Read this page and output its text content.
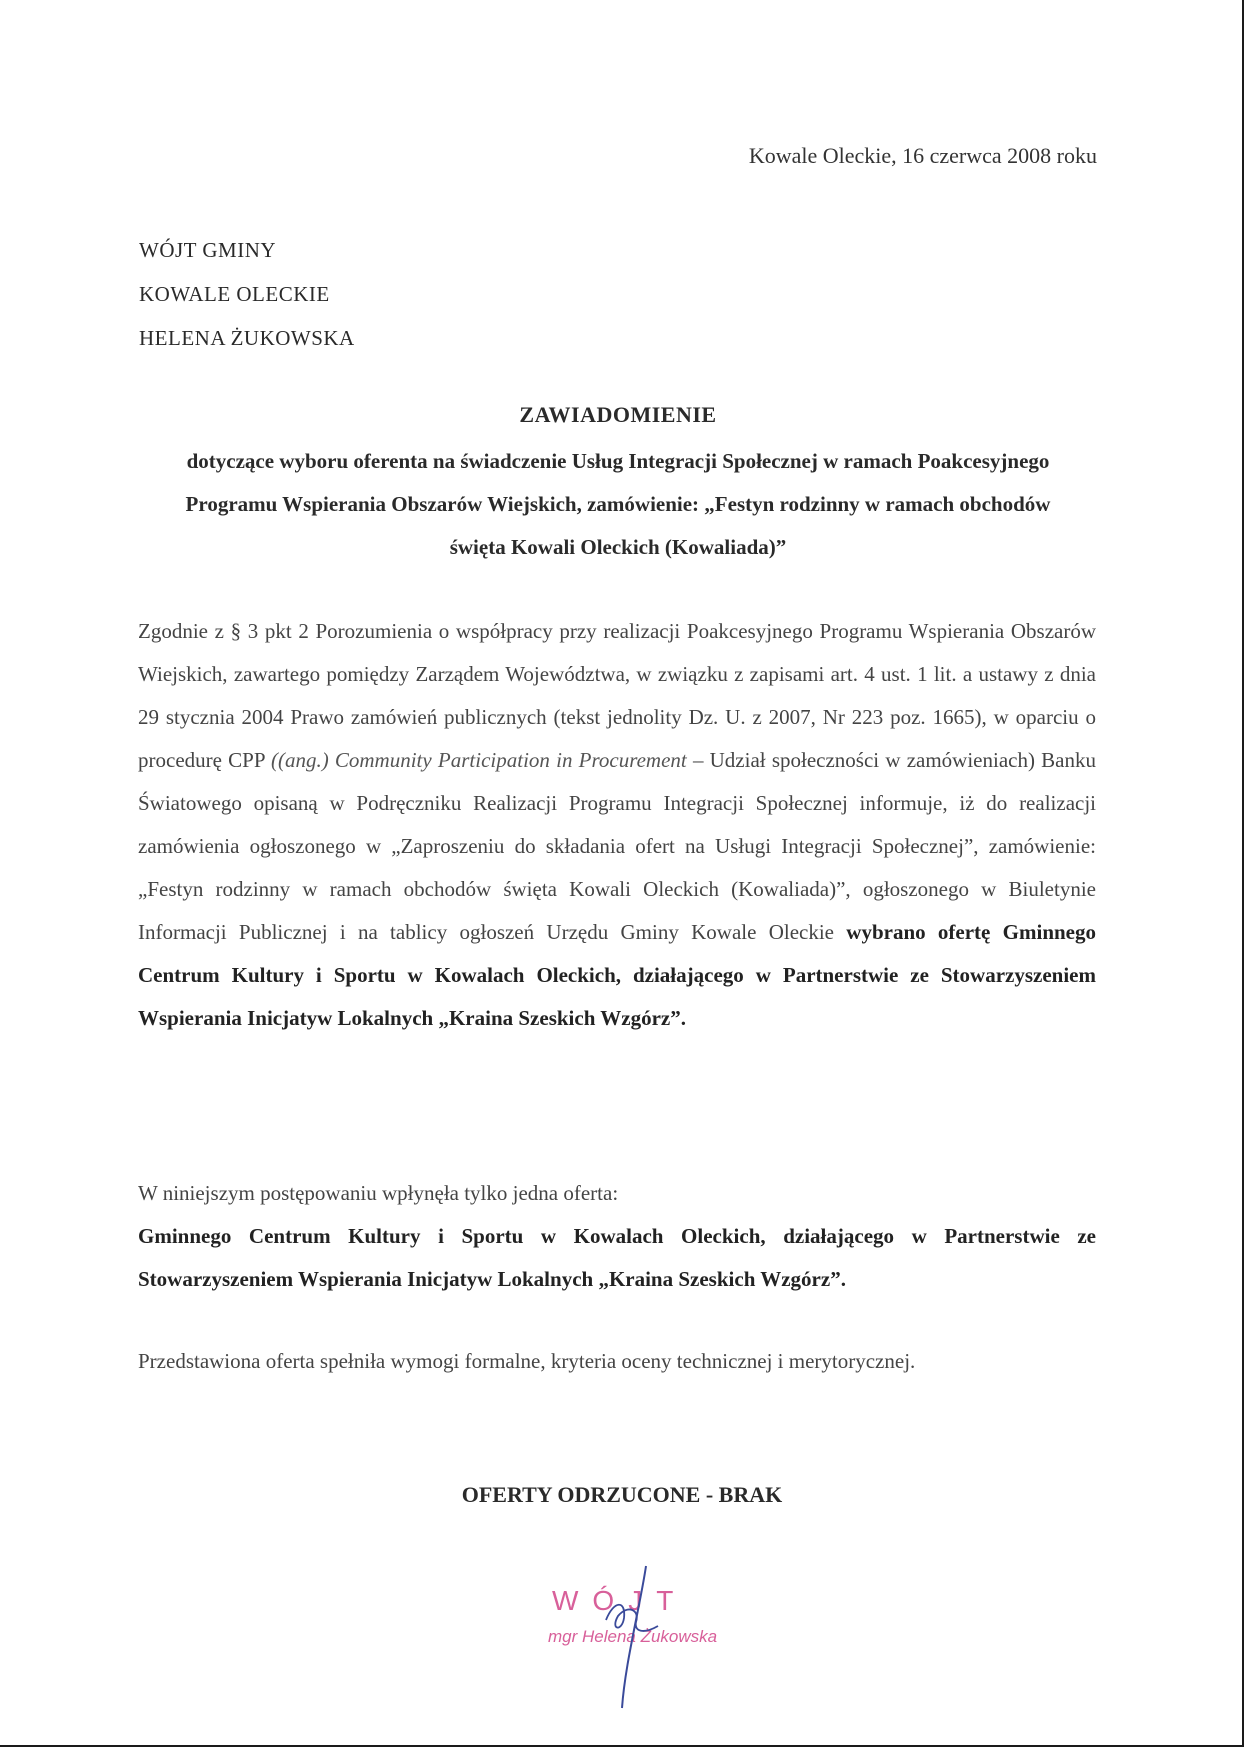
Kowale Oleckie, 16 czerwca 2008 roku
WÓJT GMINY
KOWALE OLECKIE
HELENA ŻUKOWSKA
ZAWIADOMIENIE
dotyczące wyboru oferenta na świadczenie Usług Integracji Społecznej w ramach Poakcesyjnego Programu Wspierania Obszarów Wiejskich, zamówienie: „Festyn rodzinny w ramach obchodów święta Kowali Oleckich (Kowaliada)”
Zgodnie z § 3 pkt 2 Porozumienia o współpracy przy realizacji Poakcesyjnego Programu Wspierania Obszarów Wiejskich, zawartego pomiędzy Zarządem Województwa, w związku z zapisami art. 4 ust. 1 lit. a ustawy z dnia 29 stycznia 2004 Prawo zamówień publicznych (tekst jednolity Dz. U. z 2007, Nr 223 poz. 1665), w oparciu o procedurę CPP ((ang.) Community Participation in Procurement – Udział społeczności w zamówieniach) Banku Światowego opisaną w Podręczniku Realizacji Programu Integracji Społecznej informuje, iż do realizacji zamówienia ogłoszonego w „Zaproszeniu do składania ofert na Usługi Integracji Społecznej”, zamówienie: „Festyn rodzinny w ramach obchodów święta Kowali Oleckich (Kowaliada)”, ogłoszonego w Biuletynie Informacji Publicznej i na tablicy ogłoszeń Urzędu Gminy Kowale Oleckie wybrano ofertę Gminnego Centrum Kultury i Sportu w Kowalach Oleckich, działającego w Partnerstwie ze Stowarzyszeniem Wspierania Inicjatyw Lokalnych „Kraina Szeskich Wzgórz”.
W niniejszym postępowaniu wpłynęła tylko jedna oferta:
Gminnego Centrum Kultury i Sportu w Kowalach Oleckich, działającego w Partnerstwie ze Stowarzyszeniem Wspierania Inicjatyw Lokalnych „Kraina Szeskich Wzgórz”.
Przedstawiona oferta spełniła wymogi formalne, kryteria oceny technicznej i merytorycznej.
OFERTY ODRZUCONE - BRAK
WÓJT
mgr Helena Żukowska
